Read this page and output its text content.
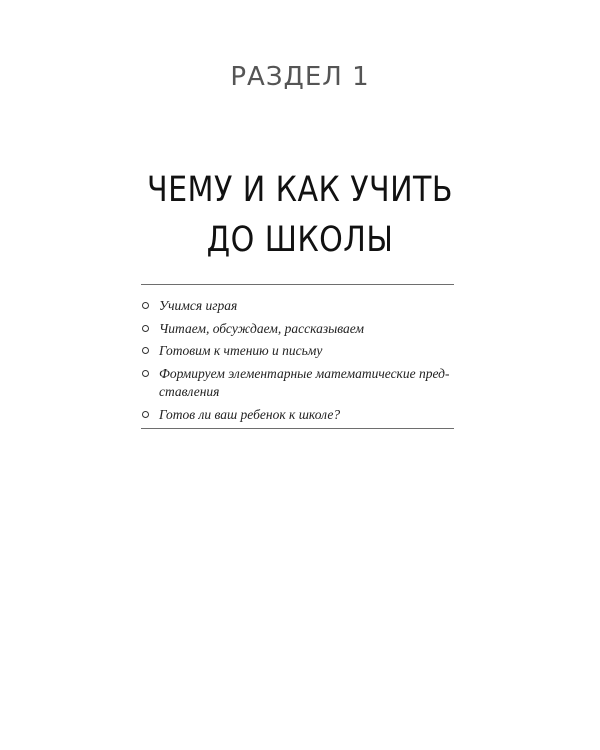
РАЗДЕЛ 1
ЧЕМУ И КАК УЧИТЬ
ДО ШКОЛЫ
Учимся играя
Читаем, обсуждаем, рассказываем
Готовим к чтению и письму
Формируем элементарные математические пред-
ставления
Готов ли ваш ребенок к школе?
